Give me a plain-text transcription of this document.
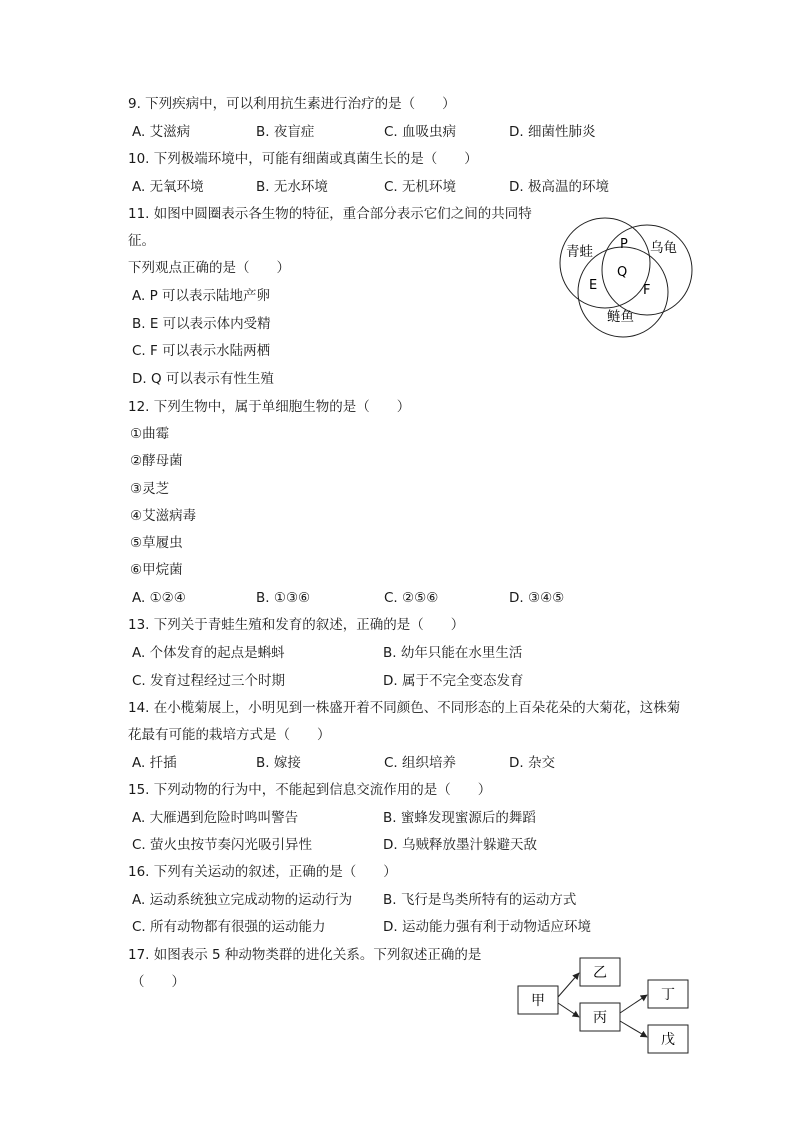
9. 下列疾病中，可以利用抗生素进行治疗的是（　　）
A. 艾滋病	B. 夜盲症	C. 血吸虫病	D. 细菌性肺炎
10. 下列极端环境中，可能有细菌或真菌生长的是（　　）
A. 无氧环境	B. 无水环境	C. 无机环境	D. 极高温的环境
11. 如图中圆圈表示各生物的特征，重合部分表示它们之间的共同特
征。
下列观点正确的是（　　）
A. P 可以表示陆地产卵
B. E 可以表示体内受精
C. F 可以表示水陆两栖
D. Q 可以表示有性生殖
青蛙	乌龟
鲢鱼
P
Q
E	F
12. 下列生物中，属于单细胞生物的是（　　）
①曲霉
②酵母菌
③灵芝
④艾滋病毒
⑤草履虫
⑥甲烷菌
A. ①②④	B. ①③⑥	C. ②⑤⑥	D. ③④⑤
13. 下列关于青蛙生殖和发育的叙述，正确的是（　　）
A. 个体发育的起点是蝌蚪	B. 幼年只能在水里生活
C. 发育过程经过三个时期	D. 属于不完全变态发育
14. 在小榄菊展上，小明见到一株盛开着不同颜色、不同形态的上百朵花朵的大菊花，这株菊
花最有可能的栽培方式是（　　）
A. 扦插	B. 嫁接	C. 组织培养	D. 杂交
15. 下列动物的行为中，不能起到信息交流作用的是（　　）
A. 大雁遇到危险时鸣叫警告	B. 蜜蜂发现蜜源后的舞蹈
C. 萤火虫按节奏闪光吸引异性	D. 乌贼释放墨汁躲避天敌
16. 下列有关运动的叙述，正确的是（　　）
A. 运动系统独立完成动物的运动行为 B. 飞行是鸟类所特有的运动方式
C. 所有动物都有很强的运动能力	D. 运动能力强有利于动物适应环境
17. 如图表示 5 种动物类群的进化关系。下列叙述正确的是
（　　）
甲
乙
丙
丁
戊
